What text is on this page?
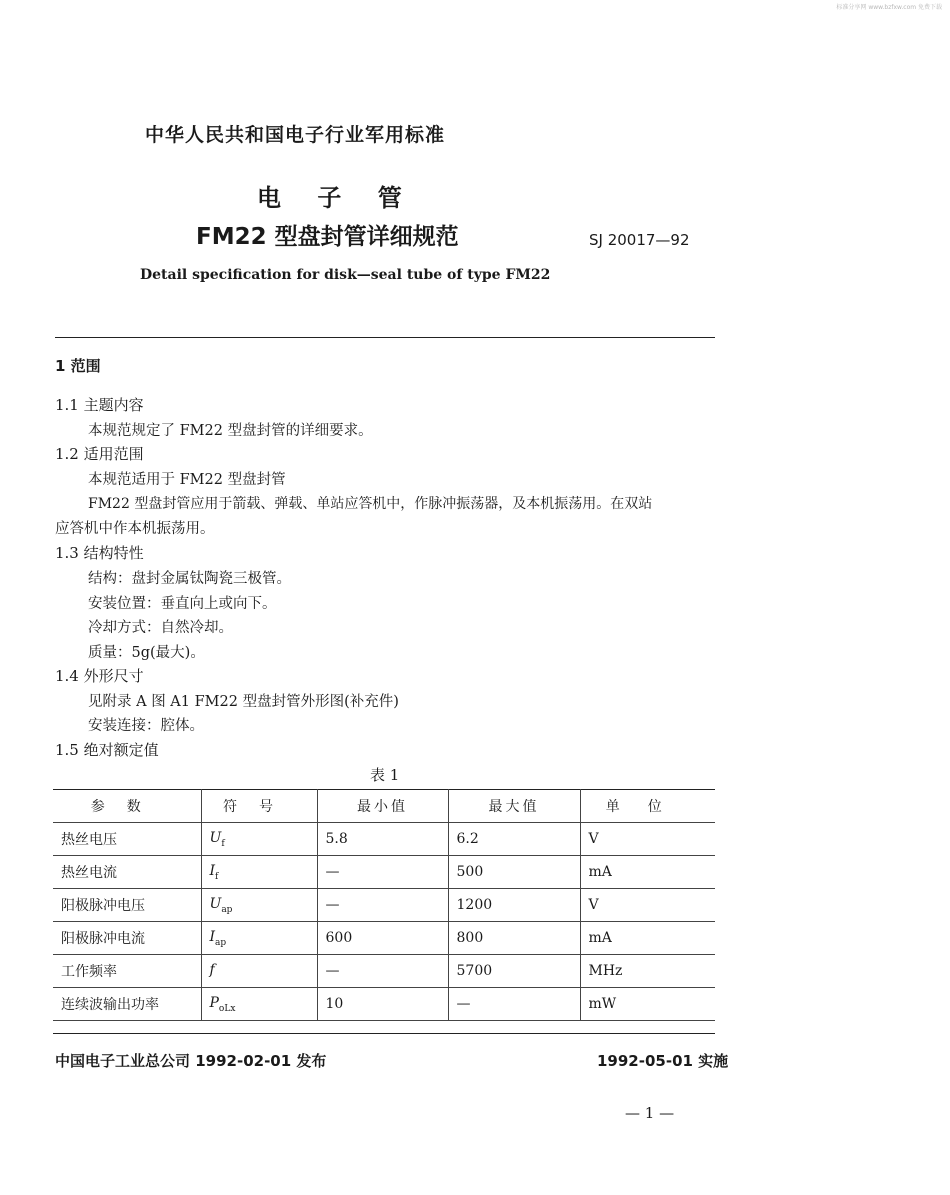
标准分享网 www.bzfxw.com 免费下载
中华人民共和国电子行业军用标准
电 子 管
FM22 型盘封管详细规范	SJ 20017—92
Detail specification for disk—seal tube of type FM22
1 范围
1.1 主题内容
本规范规定了 FM22 型盘封管的详细要求。
1.2 适用范围
本规范适用于 FM22 型盘封管
FM22 型盘封管应用于箭载、弹载、单站应答机中，作脉冲振荡器，及本机振荡用。在双站
应答机中作本机振荡用。
1.3 结构特性
结构：盘封金属钛陶瓷三极管。
安装位置：垂直向上或向下。
冷却方式：自然冷却。
质量：5g(最大)。
1.4 外形尺寸
见附录 A 图 A1 FM22 型盘封管外形图(补充件)
安装连接：腔体。
1.5 绝对额定值
表 1
参数	符号	最小值	最大值	单位
热丝电压	$U_f$	5.8	6.2	V
热丝电流	$I_f$	—	500	mA
阳极脉冲电压	$U_{ap}$	—	1200	V
阳极脉冲电流	$I_{ap}$	600	800	mA
工作频率	f	—	5700	MHz
连续波输出功率	$P_{oLx}$	10	—	mW
中国电子工业总公司 1992-02-01 发布	1992-05-01 实施
— 1 —
